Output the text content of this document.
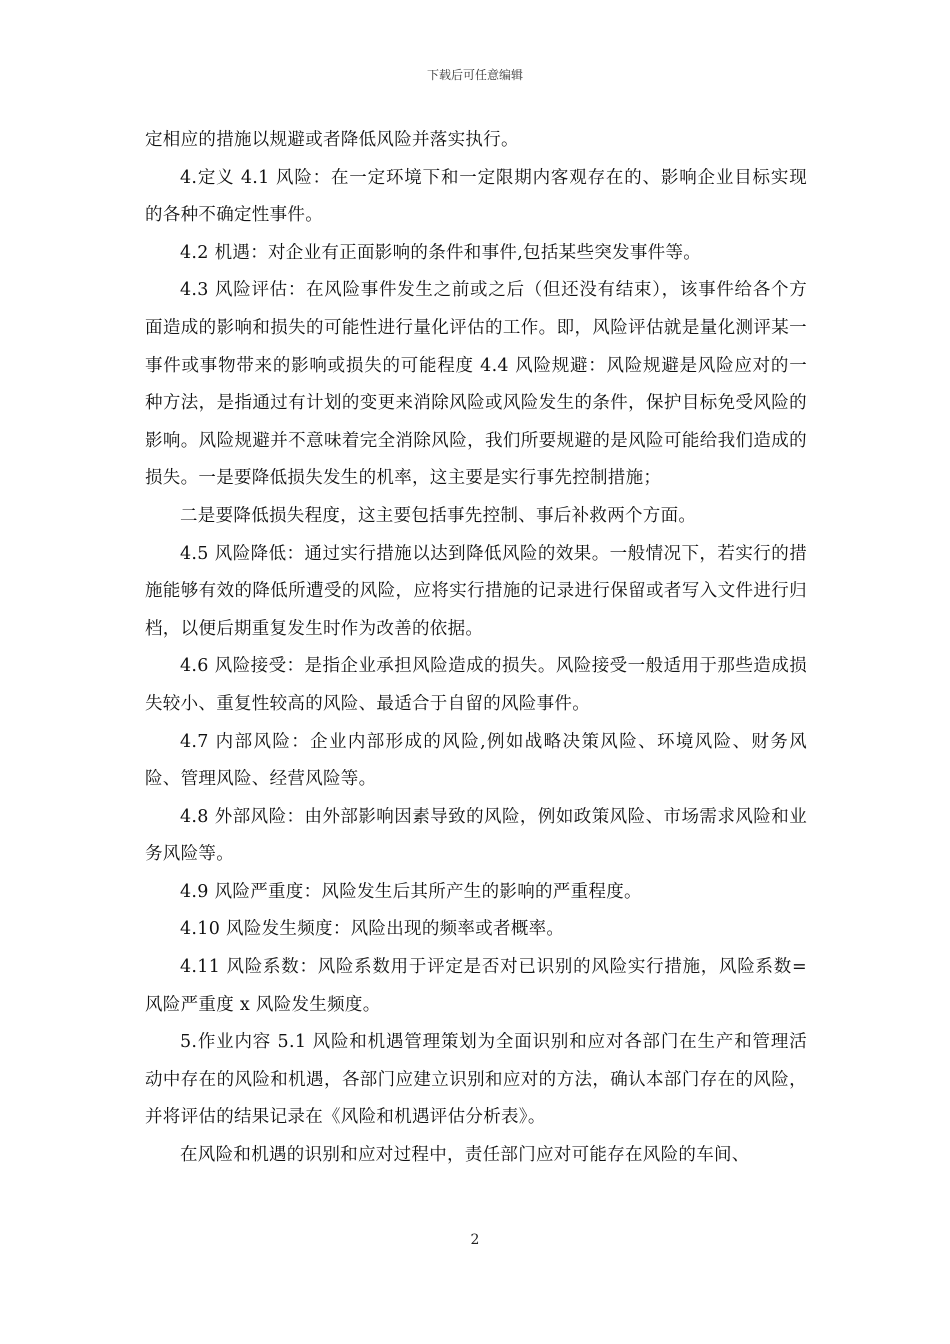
下载后可任意编辑

定相应的措施以规避或者降低风险并落实执行。

4.定义 4.1 风险：在一定环境下和一定限期内客观存在的、影响企业目标实现的各种不确定性事件。

4.2 机遇：对企业有正面影响的条件和事件,包括某些突发事件等。

4.3 风险评估：在风险事件发生之前或之后（但还没有结束），该事件给各个方面造成的影响和损失的可能性进行量化评估的工作。即，风险评估就是量化测评某一事件或事物带来的影响或损失的可能程度 4.4 风险规避：风险规避是风险应对的一种方法，是指通过有计划的变更来消除风险或风险发生的条件，保护目标免受风险的影响。风险规避并不意味着完全消除风险，我们所要规避的是风险可能给我们造成的损失。一是要降低损失发生的机率，这主要是实行事先控制措施；

二是要降低损失程度，这主要包括事先控制、事后补救两个方面。

4.5 风险降低：通过实行措施以达到降低风险的效果。一般情况下，若实行的措施能够有效的降低所遭受的风险，应将实行措施的记录进行保留或者写入文件进行归档，以便后期重复发生时作为改善的依据。

4.6 风险接受：是指企业承担风险造成的损失。风险接受一般适用于那些造成损失较小、重复性较高的风险、最适合于自留的风险事件。

4.7 内部风险：企业内部形成的风险,例如战略决策风险、环境风险、财务风险、管理风险、经营风险等。

4.8 外部风险：由外部影响因素导致的风险，例如政策风险、市场需求风险和业务风险等。

4.9 风险严重度：风险发生后其所产生的影响的严重程度。

4.10 风险发生频度：风险出现的频率或者概率。

4.11 风险系数：风险系数用于评定是否对已识别的风险实行措施，风险系数=风险严重度 x 风险发生频度。

5.作业内容 5.1 风险和机遇管理策划为全面识别和应对各部门在生产和管理活动中存在的风险和机遇，各部门应建立识别和应对的方法，确认本部门存在的风险，并将评估的结果记录在《风险和机遇评估分析表》。

在风险和机遇的识别和应对过程中，责任部门应对可能存在风险的车间、

2
